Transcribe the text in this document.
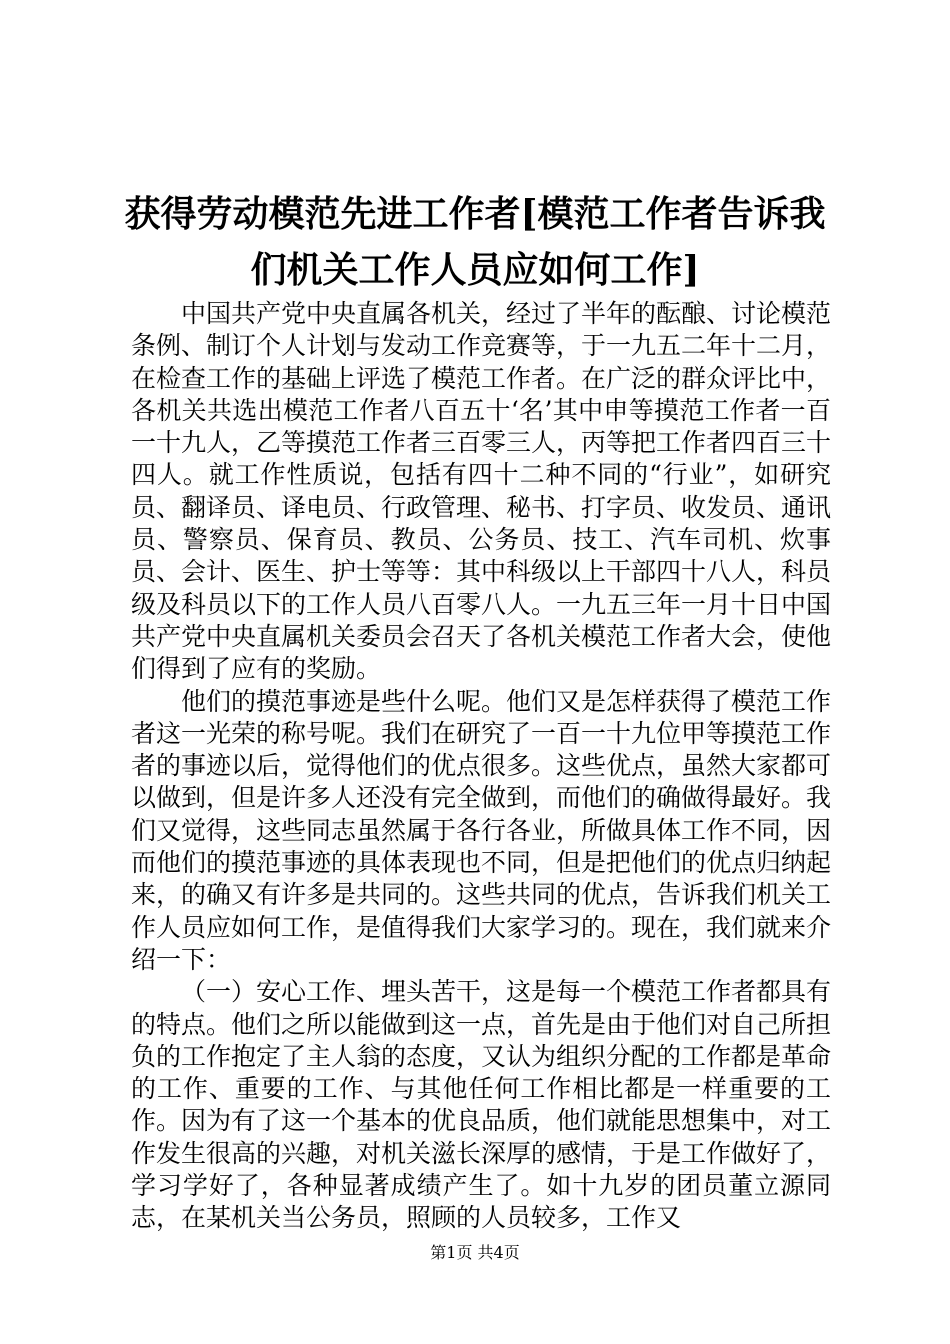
获得劳动模范先进工作者[模范工作者告诉我
们机关工作人员应如何工作]

中国共产党中央直属各机关，经过了半年的酝酿、讨论模范条例、制订个人计划与发动工作竞赛等，于一九五二年十二月，在检查工作的基础上评选了模范工作者。在广泛的群众评比中，各机关共选出模范工作者八百五十‘名’其中申等摸范工作者一百一十九人，乙等摸范工作者三百零三人，丙等把工作者四百三十四人。就工作性质说，包括有四十二种不同的“行业”，如研究员、翻译员、译电员、行政管理、秘书、打字员、收发员、通讯员、警察员、保育员、教员、公务员、技工、汽车司机、炊事员、会计、医生、护士等等：其中科级以上干部四十八人，科员级及科员以下的工作人员八百零八人。一九五三年一月十日中国共产党中央直属机关委员会召天了各机关模范工作者大会，使他们得到了应有的奖励。

他们的摸范事迹是些什么呢。他们又是怎样获得了模范工作者这一光荣的称号呢。我们在研究了一百一十九位甲等摸范工作者的事迹以后，觉得他们的优点很多。这些优点，虽然大家都可以做到，但是许多人还没有完全做到，而他们的确做得最好。我们又觉得，这些同志虽然属于各行各业，所做具体工作不同，因而他们的摸范事迹的具体表现也不同，但是把他们的优点归纳起来，的确又有许多是共同的。这些共同的优点，告诉我们机关工作人员应如何工作，是值得我们大家学习的。现在，我们就来介绍一下：

（一）安心工作、埋头苦干，这是每一个模范工作者都具有的特点。他们之所以能做到这一点，首先是由于他们对自己所担负的工作抱定了主人翁的态度，又认为组织分配的工作都是革命的工作、重要的工作、与其他任何工作相比都是一样重要的工作。因为有了这一个基本的优良品质，他们就能思想集中，对工作发生很高的兴趣，对机关滋长深厚的感情，于是工作做好了，学习学好了，各种显著成绩产生了。如十九岁的团员董立源同志，在某机关当公务员，照顾的人员较多，工作又

第1页 共4页
